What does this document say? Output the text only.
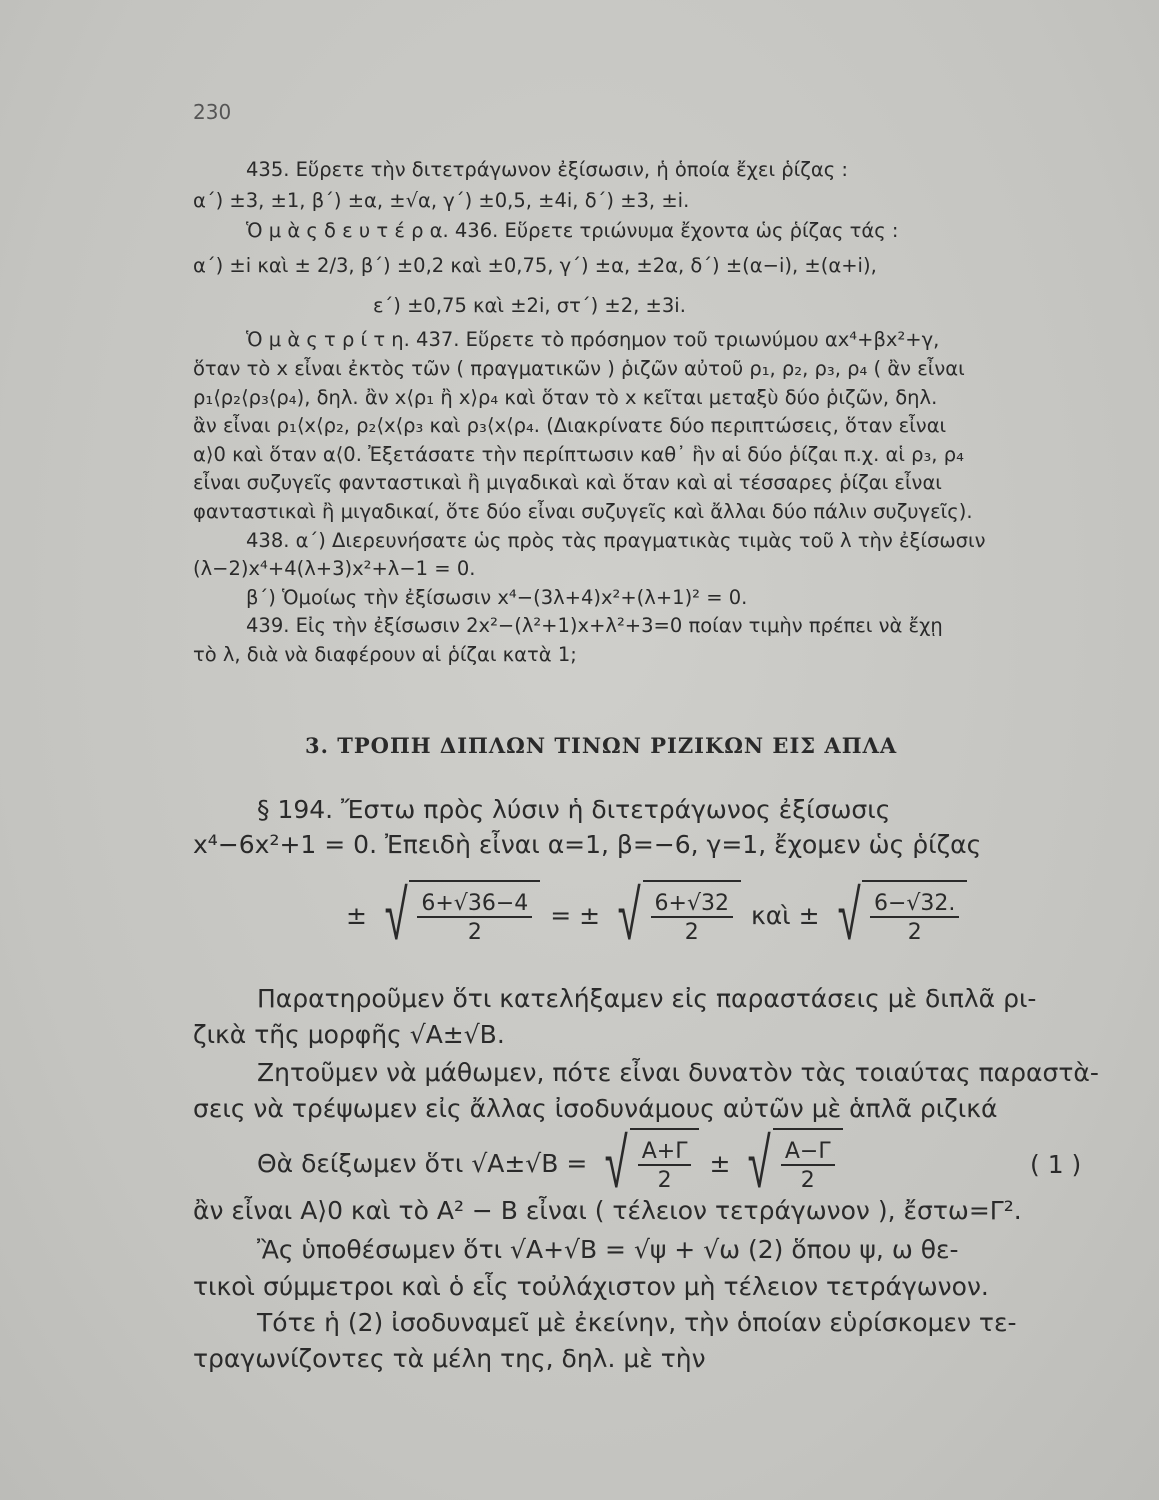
230
435. Εὕρετε τὴν διτετράγωνον ἐξίσωσιν, ἡ ὁποία ἔχει ῥίζας :
α΄) ±3, ±1, β΄) ±α, ±√α, γ΄) ±0,5, ±4i, δ΄) ±3, ±i.
Ὁ μ ὰ ς δ ε υ τ έ ρ α. 436. Εὕρετε τριώνυμα ἔχοντα ὡς ῥίζας τάς :
α΄) ±i καὶ ± 2/3, β΄) ±0,2 καὶ ±0,75, γ΄) ±α, ±2α, δ΄) ±(α−i), ±(α+i),
ε΄) ±0,75 καὶ ±2i, στ΄) ±2, ±3i.
Ὁ μ ὰ ς τ ρ ί τ η. 437. Εὕρετε τὸ πρόσημον τοῦ τριωνύμου αx⁴+βx²+γ,
ὅταν τὸ x εἶναι ἐκτὸς τῶν ( πραγματικῶν ) ῥιζῶν αὐτοῦ ρ₁, ρ₂, ρ₃, ρ₄ ( ἂν εἶναι
ρ₁⟨ρ₂⟨ρ₃⟨ρ₄), δηλ. ἂν x⟨ρ₁ ἢ x⟩ρ₄ καὶ ὅταν τὸ x κεῖται μεταξὺ δύο ῥιζῶν, δηλ.
ἂν εἶναι ρ₁⟨x⟨ρ₂, ρ₂⟨x⟨ρ₃ καὶ ρ₃⟨x⟨ρ₄. (Διακρίνατε δύο περιπτώσεις, ὅταν εἶναι
α⟩0 καὶ ὅταν α⟨0. Ἐξετάσατε τὴν περίπτωσιν καθ᾽ ἣν αἱ δύο ῥίζαι π.χ. αἱ ρ₃, ρ₄
εἶναι συζυγεῖς φανταστικαὶ ἢ μιγαδικαὶ καὶ ὅταν καὶ αἱ τέσσαρες ῥίζαι εἶναι
φανταστικαὶ ἢ μιγαδικαί, ὅτε δύο εἶναι συζυγεῖς καὶ ἄλλαι δύο πάλιν συζυγεῖς).
438. α΄) Διερευνήσατε ὡς πρὸς τὰς πραγματικὰς τιμὰς τοῦ λ τὴν ἐξίσωσιν
(λ−2)x⁴+4(λ+3)x²+λ−1 = 0.
β΄) Ὁμοίως τὴν ἐξίσωσιν x⁴−(3λ+4)x²+(λ+1)² = 0.
439. Εἰς τὴν ἐξίσωσιν 2x²−(λ²+1)x+λ²+3=0 ποίαν τιμὴν πρέπει νὰ ἔχῃ
τὸ λ, διὰ νὰ διαφέρουν αἱ ῥίζαι κατὰ 1;
3. ΤΡΟΠΗ ΔΙΠΛΩΝ ΤΙΝΩΝ ΡΙΖΙΚΩΝ ΕΙΣ ΑΠΛΑ
§ 194. Ἔστω πρὸς λύσιν ἡ διτετράγωνος ἐξίσωσις
x⁴−6x²+1 = 0. Ἐπειδὴ εἶναι α=1, β=−6, γ=1, ἔχομεν ὡς ῥίζας
± √ $\frac{6+√36-4}{2}$ = ± √ $\frac{6+√32}{2}$ καὶ ± √ $\frac{6-√32.}{2}$
Παρατηροῦμεν ὅτι κατελήξαμεν εἰς παραστάσεις μὲ διπλᾶ ρι-
ζικὰ τῆς μορφῆς √A±√B.
Ζητοῦμεν νὰ μάθωμεν, πότε εἶναι δυνατὸν τὰς τοιαύτας παραστὰ-
σεις νὰ τρέψωμεν εἰς ἄλλας ἰσοδυνάμους αὐτῶν μὲ ἁπλᾶ ριζικά
Θὰ δείξωμεν ὅτι √A±√B = √ $\frac{A+\Gamma}{2}$ ± √ $\frac{A-\Gamma}{2}$	( 1 )
ἂν εἶναι A⟩0 καὶ τὸ A² − B εἶναι ( τέλειον τετράγωνον ), ἔστω=Γ².
Ἂς ὑποθέσωμεν ὅτι √A+√B = √ψ + √ω (2) ὅπου ψ, ω θε-
τικοὶ σύμμετροι καὶ ὁ εἷς τοὐλάχιστον μὴ τέλειον τετράγωνον.
Τότε ἡ (2) ἰσοδυναμεῖ μὲ ἐκείνην, τὴν ὁποίαν εὑρίσκομεν τε-
τραγωνίζοντες τὰ μέλη της, δηλ. μὲ τὴν
